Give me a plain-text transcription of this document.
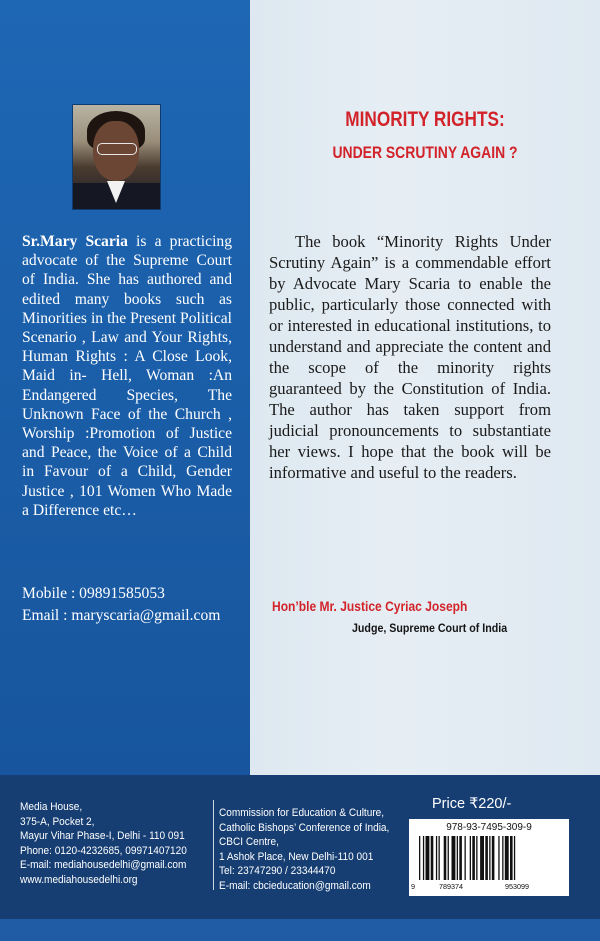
Sr.Mary Scaria is a practicing advocate of the Supreme Court of India. She has authored and edited many books such as Minorities in the Present Political Scenario , Law and Your Rights, Human Rights : A Close Look, Maid in- Hell, Woman :An Endangered Species, The Unknown Face of the Church , Worship :Promotion of Justice and Peace, the Voice of a Child in Favour of a Child, Gender Justice , 101 Women Who Made a Difference etc…
Mobile : 09891585053
Email : maryscaria@gmail.com
MINORITY RIGHTS:
UNDER SCRUTINY AGAIN ?
The book “Minority Rights Under Scrutiny Again” is a commendable effort by Advocate Mary Scaria to enable the public, particularly those connected with or interested in educational institutions, to understand and appreciate the content and the scope of the minority rights guaranteed by the Constitution of India. The author has taken support from judicial pronouncements to substantiate her views. I hope that the book will be informative and useful to the readers.
Hon’ble Mr. Justice Cyriac Joseph
Judge, Supreme Court of India
Media House,
375-A, Pocket 2,
Mayur Vihar Phase-I, Delhi - 110 091
Phone: 0120-4232685, 09971407120
E-mail: mediahousedelhi@gmail.com
www.mediahousedelhi.org
Commission for Education & Culture,
Catholic Bishops’ Conference of India,
CBCI Centre,
1 Ashok Place, New Delhi-110 001
Tel: 23747290 / 23344470
E-mail: cbcieducation@gmail.com
Price ₹220/-
978-93-7495-309-9
9	789374	953099
